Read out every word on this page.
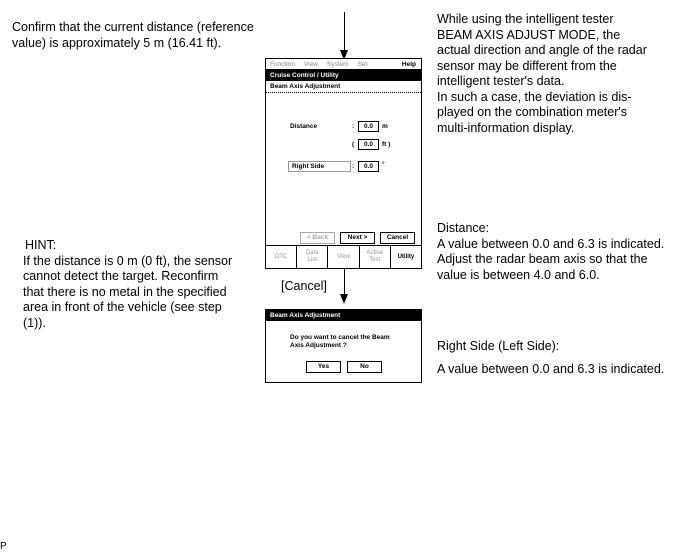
Confirm that the current distance (reference
value) is approximately 5 m (16.41 ft).
While using the intelligent tester
BEAM AXIS ADJUST MODE, the
actual direction and angle of the radar
sensor may be different from the
intelligent tester's data.
In such a case, the deviation is dis-
played on the combination meter's
multi-information display.
HINT:
If the distance is 0 m (0 ft), the sensor
cannot detect the target. Reconfirm
that there is no metal in the specified
area in front of the vehicle (see step
(1)).
Distance:
A value between 0.0 and 6.3 is indicated.
Adjust the radar beam axis so that the
value is between 4.0 and 6.0.
Right Side (Left Side):
A value between 0.0 and 6.3 is indicated.
Function View System Set	Help
Cruise Control / Utility
Beam Axis Adjustment
Distance	:	0.0	m
(	0.0	ft )
Right Side	:	0.0	°
< Back	Next >	Cancel
DTC
Data
List
View
Active
Test
Utility
[Cancel]
Beam Axis Adjustment
Do you want to cancel the Beam
Axis Adjustment ?
Yes	No
P
